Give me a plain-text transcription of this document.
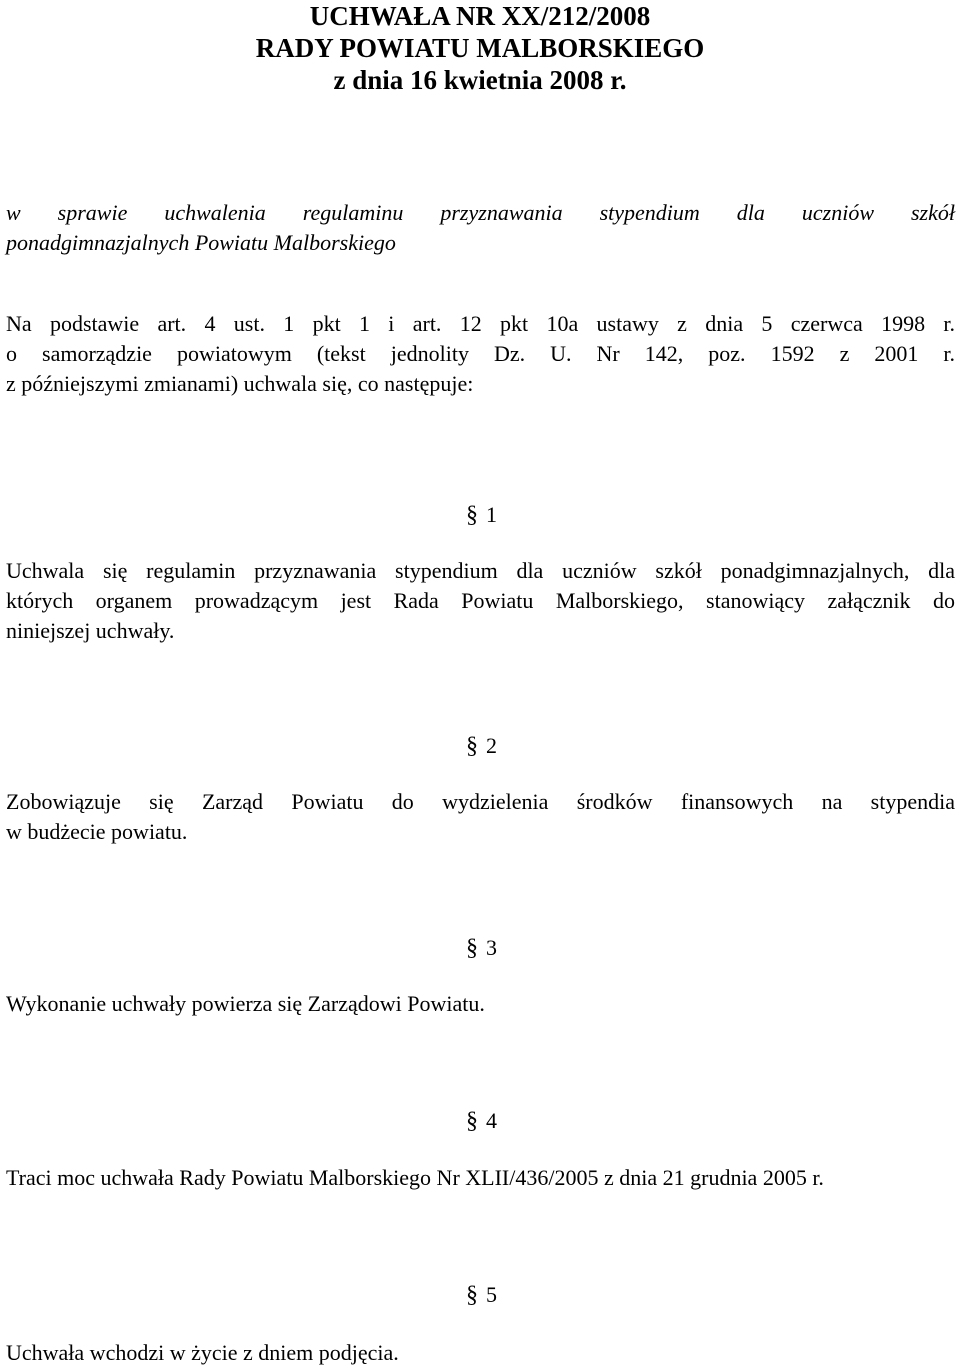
UCHWAŁA NR XX/212/2008
RADY POWIATU MALBORSKIEGO
z dnia 16 kwietnia 2008 r.
w sprawie uchwalenia regulaminu przyznawania stypendium dla uczniów szkół
ponadgimnazjalnych Powiatu Malborskiego
Na podstawie art. 4 ust. 1 pkt 1 i art. 12 pkt 10a ustawy z dnia 5 czerwca 1998 r.
o samorządzie powiatowym (tekst jednolity Dz. U. Nr 142, poz. 1592 z 2001 r.
z późniejszymi zmianami) uchwala się, co następuje:
§ 1
Uchwala się regulamin przyznawania stypendium dla uczniów szkół ponadgimnazjalnych, dla
których organem prowadzącym jest Rada Powiatu Malborskiego, stanowiący załącznik do
niniejszej uchwały.
§ 2
Zobowiązuje się Zarząd Powiatu do wydzielenia środków finansowych na stypendia
w budżecie powiatu.
§ 3
Wykonanie uchwały powierza się Zarządowi Powiatu.
§ 4
Traci moc uchwała Rady Powiatu Malborskiego Nr XLII/436/2005 z dnia 21 grudnia 2005 r.
§ 5
Uchwała wchodzi w życie z dniem podjęcia.
